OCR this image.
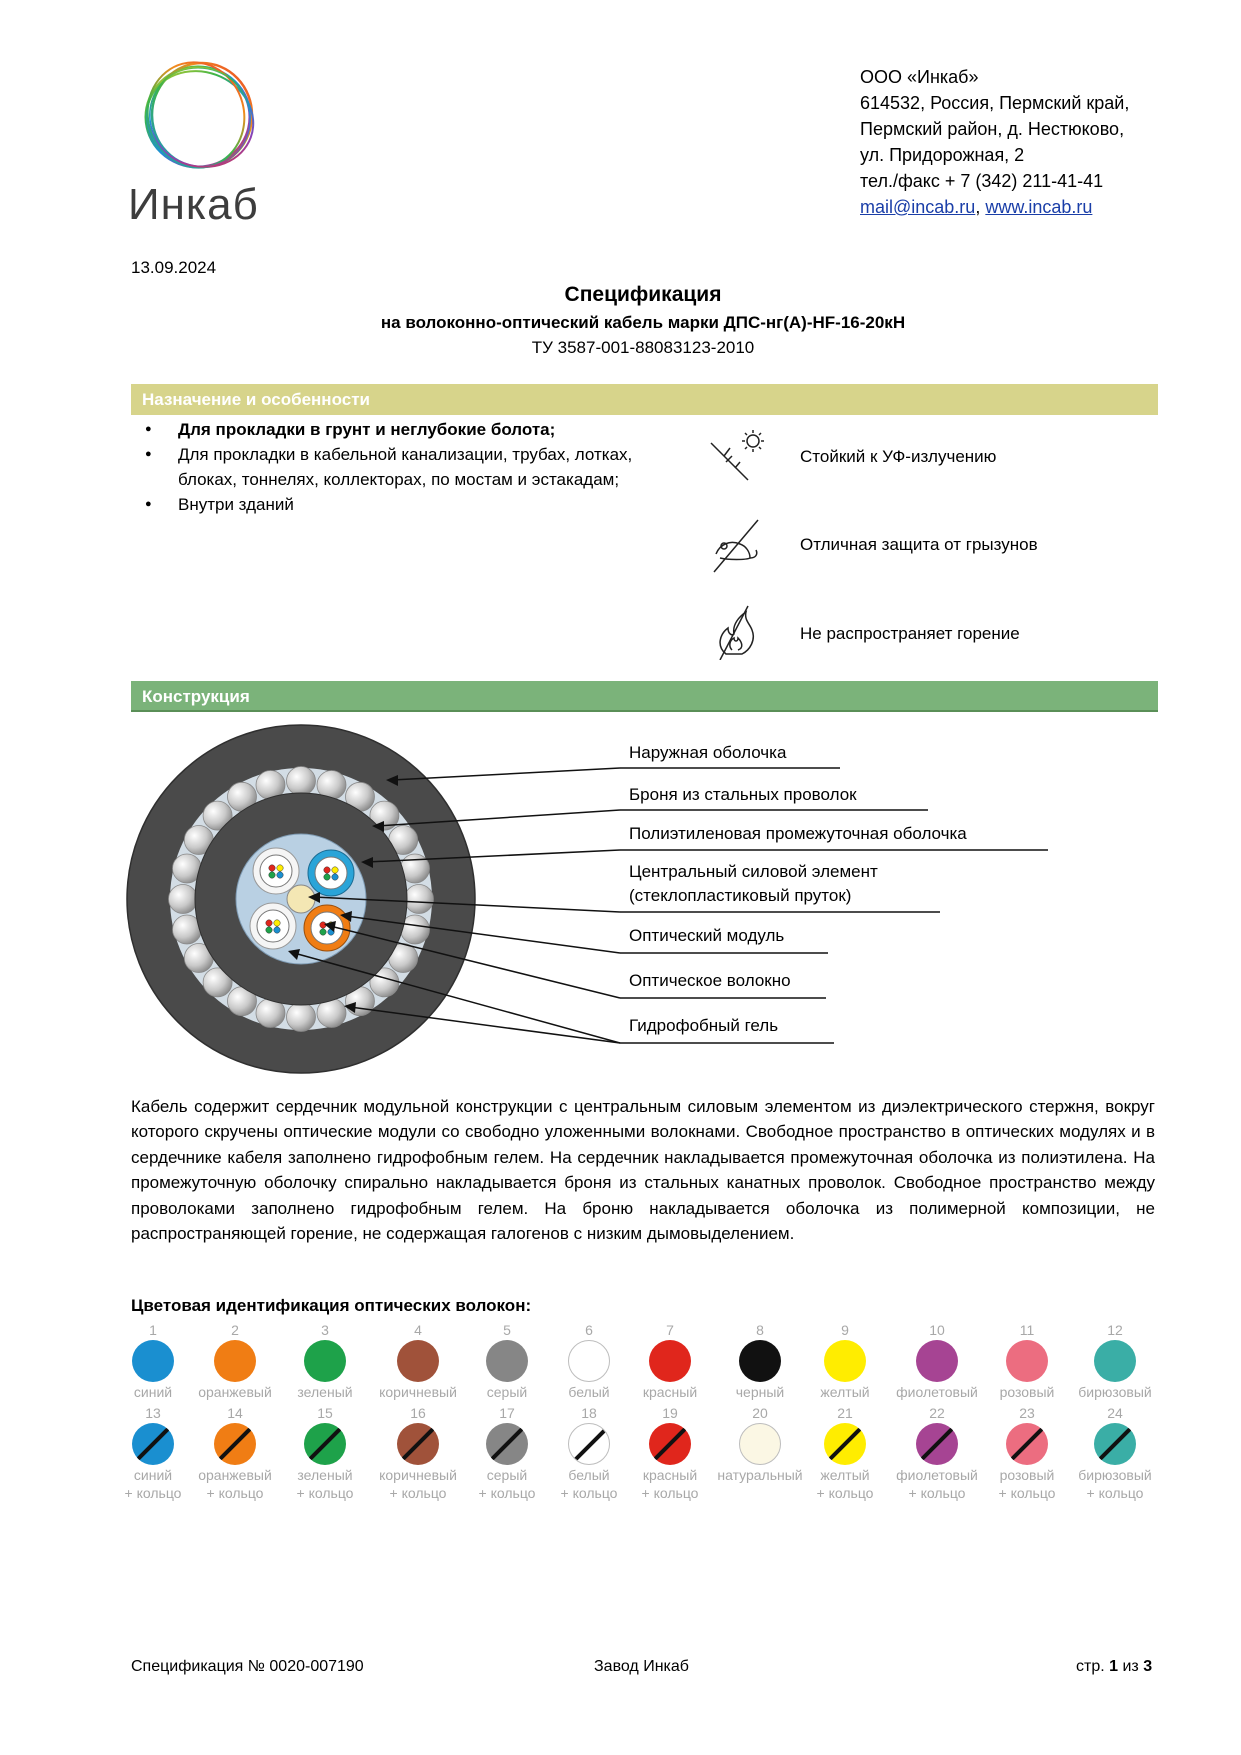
Инкаб
ООО «Инкаб»
614532, Россия, Пермский край,
Пермский район, д. Нестюково,
ул. Придорожная, 2
тел./факс + 7 (342) 211-41-41
mail@incab.ru, www.incab.ru
13.09.2024
Спецификация
на волоконно-оптический кабель марки ДПС-нг(А)-HF-16-20кН
ТУ 3587-001-88083123-2010
Назначение и особенности
● Для прокладки в грунт и неглубокие болота;
● Для прокладки в кабельной канализации, трубах, лотках, блоках, тоннелях, коллекторах, по мостам и эстакадам;
● Внутри зданий
Стойкий к УФ-излучению
Отличная защита от грызунов
Не распространяет горение
Конструкция
Наружная оболочка
Броня из стальных проволок
Полиэтиленовая промежуточная оболочка
Центральный силовой элемент
(стеклопластиковый пруток)
Оптический модуль
Оптическое волокно
Гидрофобный гель
Кабель содержит сердечник модульной конструкции с центральным силовым элементом из диэлектрического стержня, вокруг которого скручены оптические модули со свободно уложенными волокнами. Свободное пространство в оптических модулях и в сердечнике кабеля заполнено гидрофобным гелем. На сердечник накладывается промежуточная оболочка из полиэтилена. На промежуточную оболочку спирально накладывается броня из стальных канатных проволок. Свободное пространство между проволоками заполнено гидрофобным гелем. На броню накладывается оболочка из полимерной композиции, не распространяющей горение, не содержащая галогенов с низким дымовыделением.
Цветовая идентификация оптических волокон:
1
синий
2
оранжевый
3
зеленый
4
коричневый
5
серый
6
белый
7
красный
8
черный
9
желтый
10
фиолетовый
11
розовый
12
бирюзовый
13
синий
+ кольцо
14
оранжевый
+ кольцо
15
зеленый
+ кольцо
16
коричневый
+ кольцо
17
серый
+ кольцо
18
белый
+ кольцо
19
красный
+ кольцо
20
натуральный
21
желтый
+ кольцо
22
фиолетовый
+ кольцо
23
розовый
+ кольцо
24
бирюзовый
+ кольцо
Спецификация № 0020-007190	Завод Инкаб	стр. 1 из 3
